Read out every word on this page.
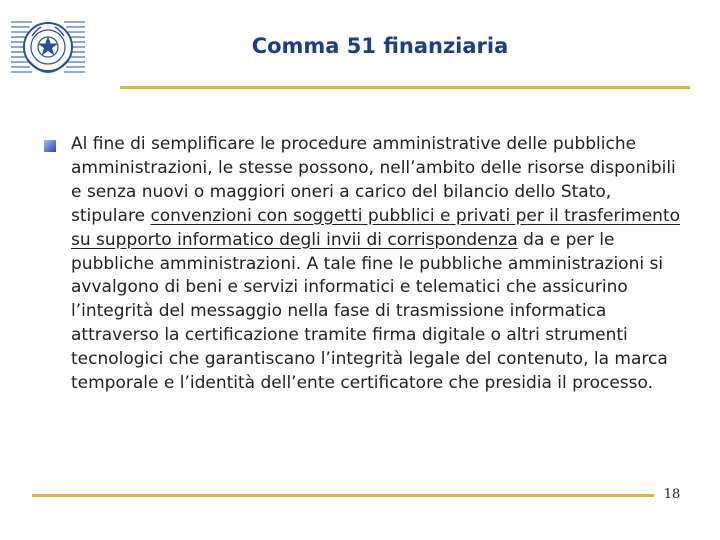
Comma 51 finanziaria

Al fine di semplificare le procedure amministrative delle pubbliche amministrazioni, le stesse possono, nell’ambito delle risorse disponibili e senza nuovi o maggiori oneri a carico del bilancio dello Stato, stipulare convenzioni con soggetti pubblici e privati per il trasferimento su supporto informatico degli invii di corrispondenza da e per le pubbliche amministrazioni. A tale fine le pubbliche amministrazioni si avvalgono di beni e servizi informatici e telematici che assicurino l’integrità del messaggio nella fase di trasmissione informatica attraverso la certificazione tramite firma digitale o altri strumenti tecnologici che garantiscano l’integrità legale del contenuto, la marca temporale e l’identità dell’ente certificatore che presidia il processo.

18
